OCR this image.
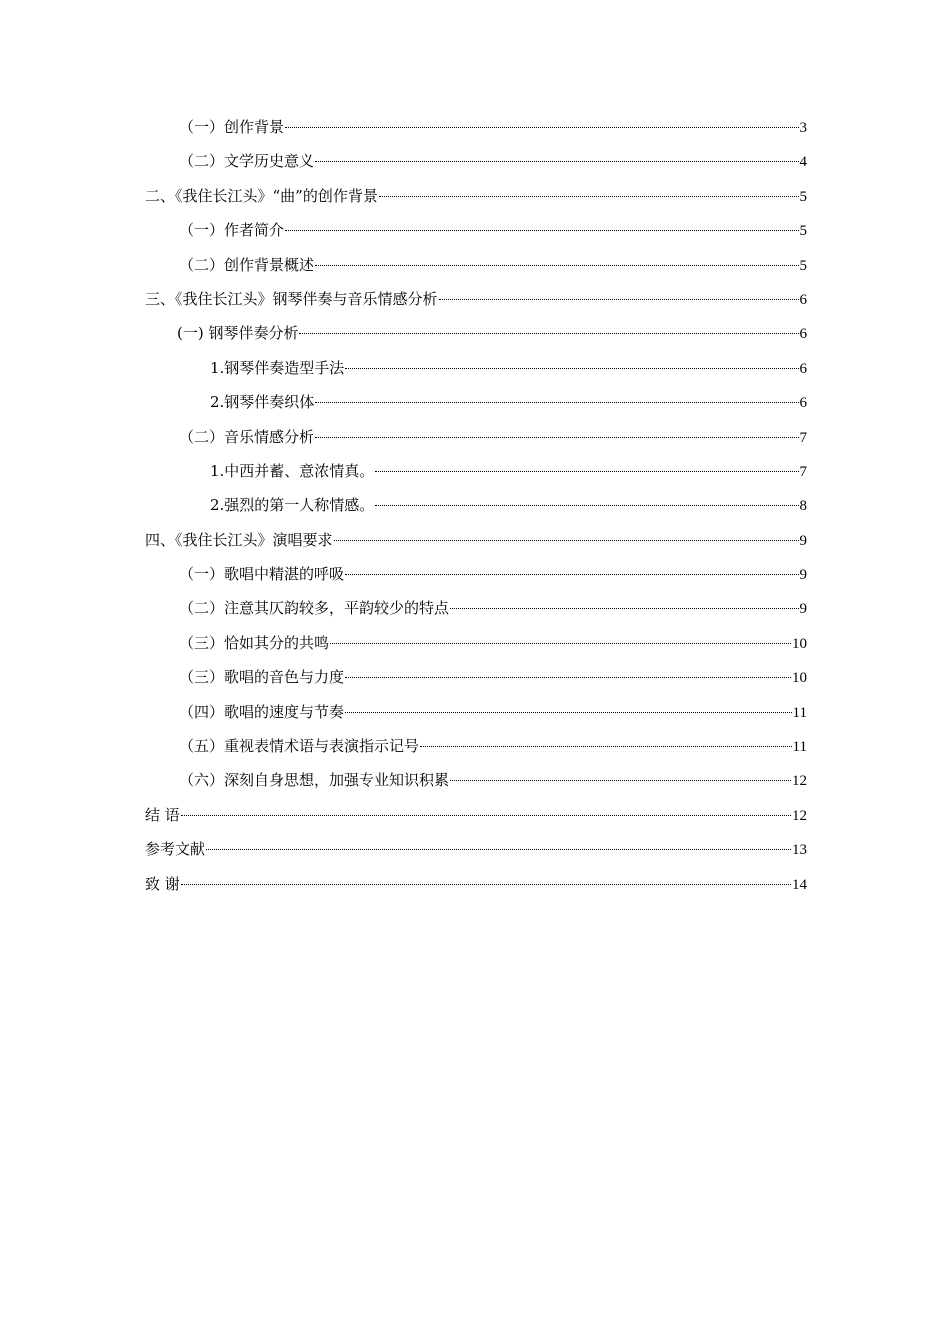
（一）创作背景	3
（二）文学历史意义	4
二、《我住长江头》“曲”的创作背景	5
（一）作者简介	5
（二）创作背景概述	5
三、《我住长江头》钢琴伴奏与音乐情感分析	6
(一) 钢琴伴奏分析	6
1.钢琴伴奏造型手法	6
2.钢琴伴奏织体	6
（二）音乐情感分析	7
1.中西并蓄、意浓情真。	7
2.强烈的第一人称情感。	8
四、《我住长江头》演唱要求	9
（一）歌唱中精湛的呼吸	9
（二）注意其仄韵较多，平韵较少的特点	9
（三）恰如其分的共鸣	10
（三）歌唱的音色与力度	10
（四）歌唱的速度与节奏	11
（五）重视表情术语与表演指示记号	11
（六）深刻自身思想，加强专业知识积累	12
结 语	12
参考文献	13
致 谢	14
